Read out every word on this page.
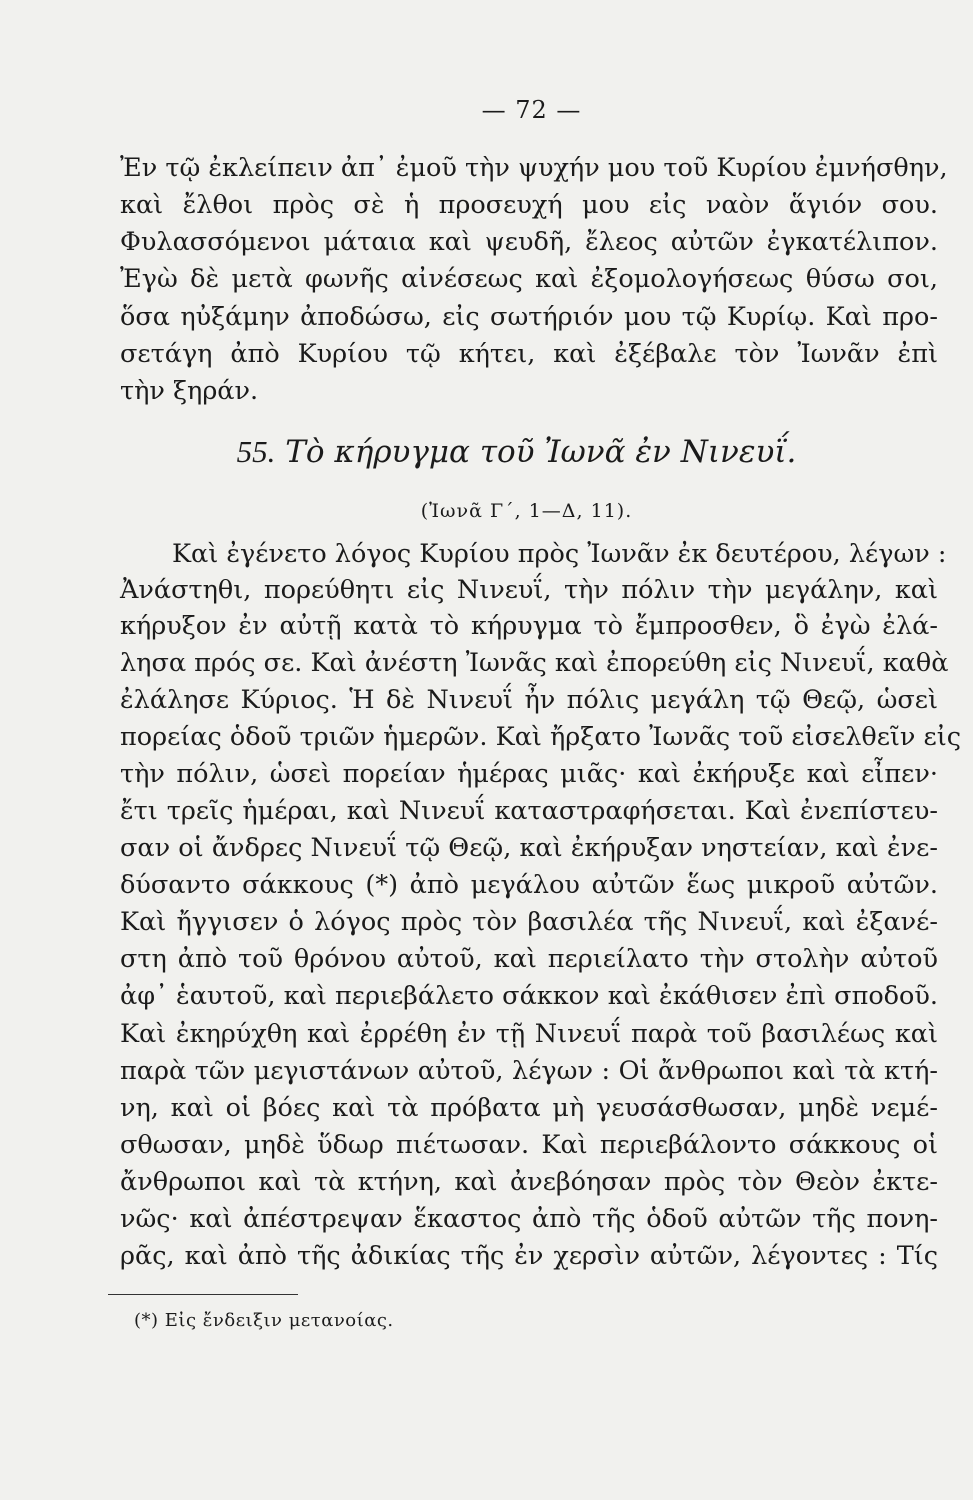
— 72 —
Ἐν τῷ ἐκλείπειν ἀπ᾽ ἐμοῦ τὴν ψυχήν μου τοῦ Κυρίου ἐμνήσθην,
καὶ ἔλθοι πρὸς σὲ ἡ προσευχή μου εἰς ναὸν ἅγιόν σου.
Φυλασσόμενοι μάταια καὶ ψευδῆ, ἔλεος αὐτῶν ἐγκατέλιπον.
Ἐγὼ δὲ μετὰ φωνῆς αἰνέσεως καὶ ἐξομολογήσεως θύσω σοι,
ὅσα ηὐξάμην ἀποδώσω, εἰς σωτήριόν μου τῷ Κυρίῳ. Καὶ προ-
σετάγη ἀπὸ Κυρίου τῷ κήτει, καὶ ἐξέβαλε τὸν Ἰωνᾶν ἐπὶ
τὴν ξηράν.
55. Τὸ κήρυγμα τοῦ Ἰωνᾶ ἐν Νινευΐ.
(Ἰωνᾶ Γ΄, 1—Δ, 11).
Καὶ ἐγένετο λόγος Κυρίου πρὸς Ἰωνᾶν ἐκ δευτέρου, λέγων :
Ἀνάστηθι, πορεύθητι εἰς Νινευΐ, τὴν πόλιν τὴν μεγάλην, καὶ
κήρυξον ἐν αὐτῇ κατὰ τὸ κήρυγμα τὸ ἔμπροσθεν, ὃ ἐγὼ ἐλά-
λησα πρός σε. Καὶ ἀνέστη Ἰωνᾶς καὶ ἐπορεύθη εἰς Νινευΐ, καθὰ
ἐλάλησε Κύριος. Ἡ δὲ Νινευΐ ἦν πόλις μεγάλη τῷ Θεῷ, ὡσεὶ
πορείας ὁδοῦ τριῶν ἡμερῶν. Καὶ ἤρξατο Ἰωνᾶς τοῦ εἰσελθεῖν εἰς
τὴν πόλιν, ὡσεὶ πορείαν ἡμέρας μιᾶς· καὶ ἐκήρυξε καὶ εἶπεν·
ἔτι τρεῖς ἡμέραι, καὶ Νινευΐ καταστραφήσεται. Καὶ ἐνεπίστευ-
σαν οἱ ἄνδρες Νινευΐ τῷ Θεῷ, καὶ ἐκήρυξαν νηστείαν, καὶ ἐνε-
δύσαντο σάκκους (*) ἀπὸ μεγάλου αὐτῶν ἕως μικροῦ αὐτῶν.
Καὶ ἤγγισεν ὁ λόγος πρὸς τὸν βασιλέα τῆς Νινευΐ, καὶ ἐξανέ-
στη ἀπὸ τοῦ θρόνου αὐτοῦ, καὶ περιείλατο τὴν στολὴν αὐτοῦ
ἀφ᾽ ἑαυτοῦ, καὶ περιεβάλετο σάκκον καὶ ἐκάθισεν ἐπὶ σποδοῦ.
Καὶ ἐκηρύχθη καὶ ἐρρέθη ἐν τῇ Νινευΐ παρὰ τοῦ βασιλέως καὶ
παρὰ τῶν μεγιστάνων αὐτοῦ, λέγων : Οἱ ἄνθρωποι καὶ τὰ κτή-
νη, καὶ οἱ βόες καὶ τὰ πρόβατα μὴ γευσάσθωσαν, μηδὲ νεμέ-
σθωσαν, μηδὲ ὕδωρ πιέτωσαν. Καὶ περιεβάλοντο σάκκους οἱ
ἄνθρωποι καὶ τὰ κτήνη, καὶ ἀνεβόησαν πρὸς τὸν Θεὸν ἐκτε-
νῶς· καὶ ἀπέστρεψαν ἕκαστος ἀπὸ τῆς ὁδοῦ αὐτῶν τῆς πονη-
ρᾶς, καὶ ἀπὸ τῆς ἀδικίας τῆς ἐν χερσὶν αὐτῶν, λέγοντες : Τίς
(*) Εἰς ἔνδειξιν μετανοίας.
